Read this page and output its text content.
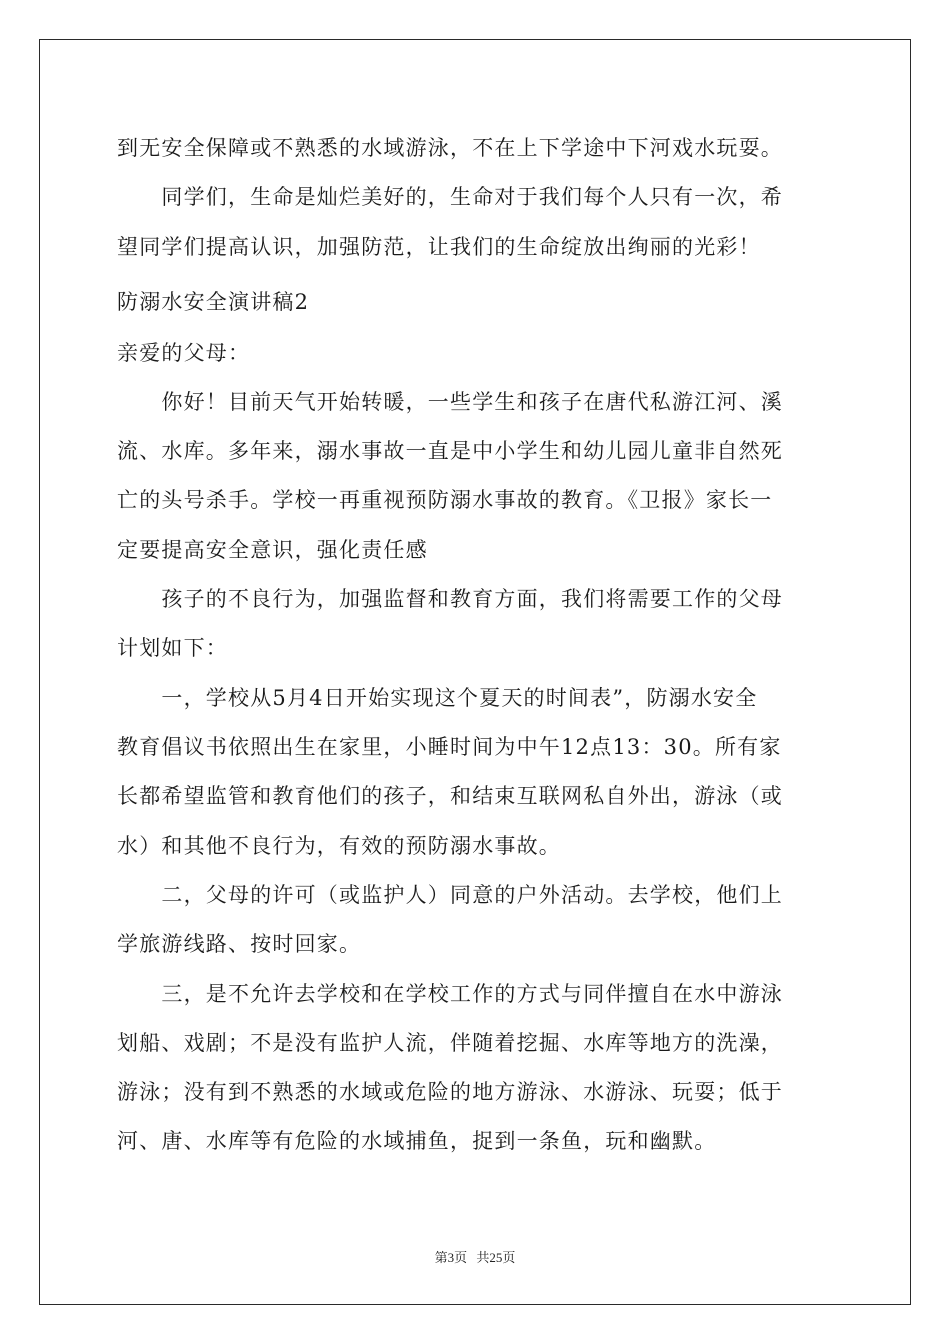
到无安全保障或不熟悉的水域游泳，不在上下学途中下河戏水玩耍。
　　同学们，生命是灿烂美好的，生命对于我们每个人只有一次，希
望同学们提高认识，加强防范，让我们的生命绽放出绚丽的光彩！
防溺水安全演讲稿2
亲爱的父母：
　　你好！目前天气开始转暖，一些学生和孩子在唐代私游江河、溪
流、水库。多年来，溺水事故一直是中小学生和幼儿园儿童非自然死
亡的头号杀手。学校一再重视预防溺水事故的教育。《卫报》家长一
定要提高安全意识，强化责任感
　　孩子的不良行为，加强监督和教育方面，我们将需要工作的父母
计划如下：
　　一，学校从5月4日开始实现这个夏天的时间表”，防溺水安全
教育倡议书依照出生在家里，小睡时间为中午12点13：30。所有家
长都希望监管和教育他们的孩子，和结束互联网私自外出，游泳（或
水）和其他不良行为，有效的预防溺水事故。
　　二，父母的许可（或监护人）同意的户外活动。去学校，他们上
学旅游线路、按时回家。
　　三，是不允许去学校和在学校工作的方式与同伴擅自在水中游泳
划船、戏剧；不是没有监护人流，伴随着挖掘、水库等地方的洗澡，
游泳；没有到不熟悉的水域或危险的地方游泳、水游泳、玩耍；低于
河、唐、水库等有危险的水域捕鱼，捉到一条鱼，玩和幽默。
第3页 共25页
